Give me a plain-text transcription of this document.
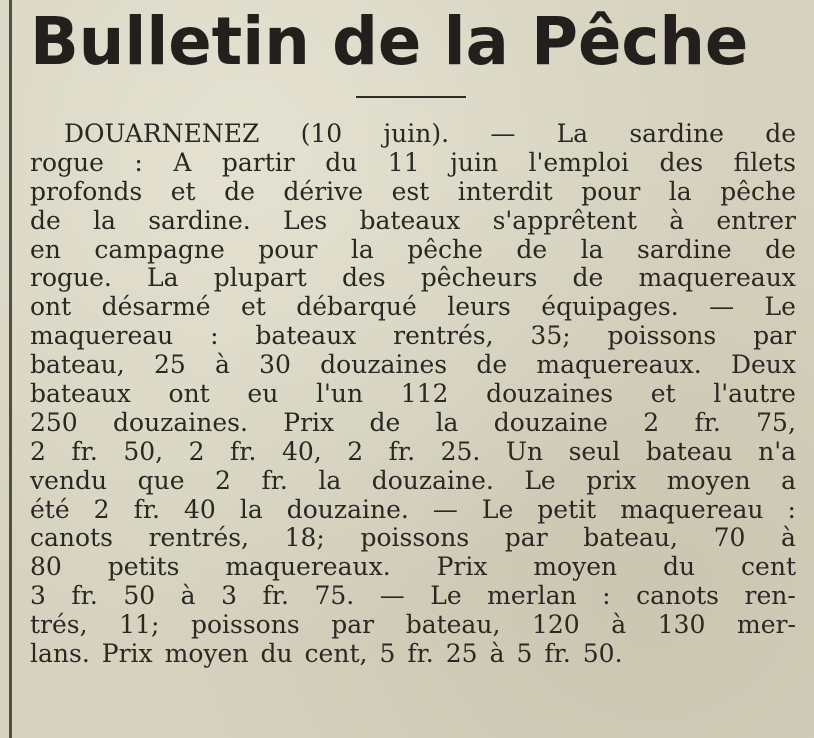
Bulletin de la Pêche
DOUARNENEZ (10 juin). — La sardine de
rogue : A partir du 11 juin l'emploi des filets
profonds et de dérive est interdit pour la pêche
de la sardine. Les bateaux s'apprêtent à entrer
en campagne pour la pêche de la sardine de
rogue. La plupart des pêcheurs de maquereaux
ont désarmé et débarqué leurs équipages. — Le
maquereau : bateaux rentrés, 35; poissons par
bateau, 25 à 30 douzaines de maquereaux. Deux
bateaux ont eu l'un 112 douzaines et l'autre
250 douzaines. Prix de la douzaine 2 fr. 75,
2 fr. 50, 2 fr. 40, 2 fr. 25. Un seul bateau n'a
vendu que 2 fr. la douzaine. Le prix moyen a
été 2 fr. 40 la douzaine. — Le petit maquereau :
canots rentrés, 18; poissons par bateau, 70 à
80 petits maquereaux. Prix moyen du cent
3 fr. 50 à 3 fr. 75. — Le merlan : canots ren-
trés, 11; poissons par bateau, 120 à 130 mer-
lans. Prix moyen du cent, 5 fr. 25 à 5 fr. 50.
